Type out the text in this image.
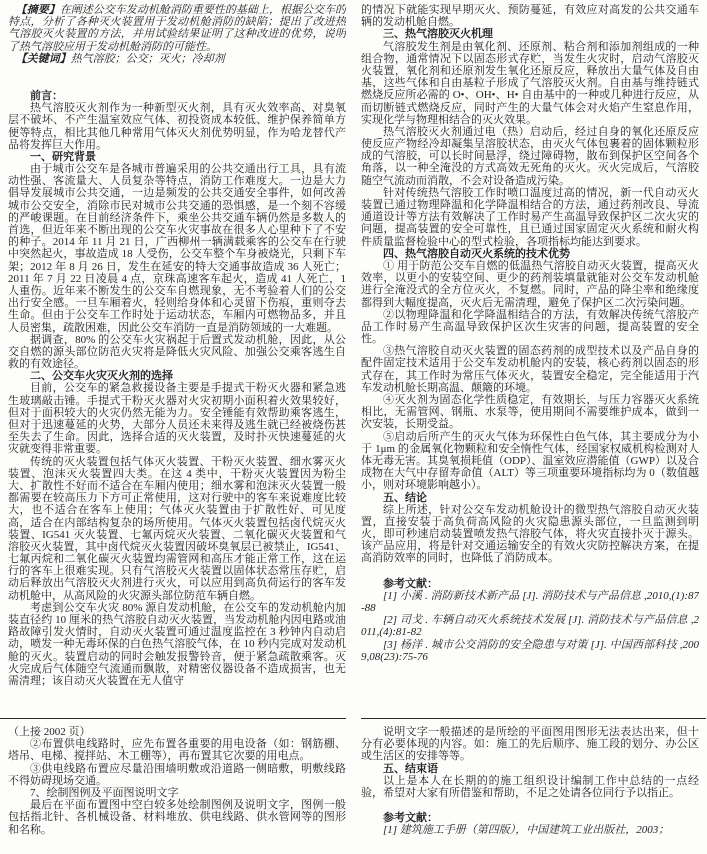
【摘要】在阐述公交车发动机舱消防重要性的基础上，根据公交车的特点，分析了各种灭火装置用于发动机舱消防的缺陷；提出了改进热气溶胶灭火装置的方法，并用试验结果证明了这种改进的优势，说明了热气溶胶应用于发动机舱消防的可能性。

【关键词】热气溶胶；公交；灭火；冷却剂

前言：

热气溶胶灭火剂作为一种新型灭火剂，具有灭火效率高、对臭氧层不破坏、不产生温室效应气体、初投资成本较低、维护保养简单方便等特点，相比其他几种常用气体灭火剂优势明显，作为哈龙替代产品将发挥巨大作用。

一、研究背景

由于城市公交车是各城市普遍采用的公共交通出行工具，具有流动性强、客流量大、人员复杂等特点，消防工作难度大。一边是大力倡导发展城市公共交通，一边是频发的公共交通安全事件，如何改善城市公交安全，消除市民对城市公共交通的恐惧感，是一个刻不容缓的严峻课题。在目前经济条件下，乘坐公共交通车辆仍然是多数人的首选，但近年来不断出现的公交车火灾事故在很多人心里种下了不安的种子。2014 年 11 月 21 日，广西柳州一辆满载乘客的公交车在行驶中突然起火，事故造成 18 人受伤，公交车整个车身被烧光，只剩下车架；2012 年 8 月 26 日，发生在延安的特大交通事故造成 36 人死亡；2011 年 7 月 22 日凌晨 4 点，京珠高速客车起火，造成 41 人死亡，1 人重伤。近年来不断发生的公交车自燃现象，无不考验着人们的公交出行安全感。一旦车厢着火，轻则给身体和心灵留下伤痕，重则夺去生命。但由于公交车工作时处于运动状态，车厢内可燃物品多，并且人员密集，疏散困难，因此公交车消防一直是消防领域的一大难题。

据调查，80% 的公交车火灾祸起于后置式发动机舱，因此，从公交自燃的源头部位防范火灾将是降低火灾风险、加强公交乘客逃生自救的有效途径。

二、公交车火灾灭火剂的选择

目前，公交车的紧急救援设备主要是手提式干粉灭火器和紧急逃生玻璃敲击锤。手提式干粉灭火器对火灾初期小面积着火效果较好，但对于面积较大的火灾仍然无能为力。安全锤能有效帮助乘客逃生，但对于迅速蔓延的火势，大部分人员还未来得及逃生就已经被烧伤甚至失去了生命。因此，选择合适的灭火装置，及时扑灭快速蔓延的火灾就变得非常重要。

传统的灭火装置包括气体灭火装置、干粉灭火装置、细水雾灭火装置、泡沫灭火装置四大类。在这 4 类中，干粉灭火装置因为粉尘大、扩散性不好而不适合在车厢内使用；细水雾和泡沫灭火装置一般都需要在较高压力下方可正常使用，这对行驶中的客车来说难度比较大，也不适合在客车上使用；气体灭火装置由于扩散性好、可见度高，适合在内部结构复杂的场所使用。气体灭火装置包括卤代烷灭火装置、IG541 灭火装置、七氟丙烷灭火装置、二氧化碳灭火装置和气溶胶灭火装置，其中卤代烷灭火装置因破坏臭氧层已被禁止，IG541、七氟丙烷和二氧化碳灭火装置均需管网和高压才能正常工作，这在运行的客车上很难实现。只有气溶胶灭火装置以固体状态常压存贮，启动后释放出气溶胶灭火剂进行灭火，可以应用到高负荷运行的客车发动机舱中，从高风险的火灾源头部位防范车辆自燃。

考虑到公交车火灾 80% 源自发动机舱，在公交车的发动机舱内加装直径约 10 厘米的热气溶胶自动灭火装置，当发动机舱内因电路或油路故障引发火情时，自动灭火装置可通过温度监控在 3 秒钟内自动启动，喷发一种无毒环保的白色热气溶胶气体，在 10 秒内完成对发动机舱的灭火。装置启动的同时会触发报警铃音，便于紧急疏散乘客。灭火完成后气体随空气流通而飘散，对精密仪器设备不造成损害，也无需清理；该自动灭火装置在无人值守

（上接 2002 页）

②布置供电线路时，应先布置各重要的用电设备（如：钢筋棚、塔吊、电梯、搅拌站、木工棚等），再布置其它次要的用电点。

③供电线路布置应尽量沿围墙明敷或沿道路一侧暗敷，明敷线路不得妨碍现场交通。

7、绘制图例及平面图说明文字

最后在平面布置图中空白较多处绘制图例及说明文字，图例一般包括指北针、各机械设备、材料堆放、供电线路、供水管网等的图形和名称。

的情况下就能实现早期灭火、预防蔓延，有效应对高发的公共交通车辆的发动机舱自燃。

三、热气溶胶灭火机理

气溶胶发生剂是由氧化剂、还原剂、粘合剂和添加剂组成的一种组合物，通常情况下以固态形式存贮，当发生火灾时，启动气溶胶灭火装置，氧化剂和还原剂发生氧化还原反应，释放出大量气体及自由基，这些气体和自由基粒子形成了气溶胶灭火剂。自由基与维持链式燃烧反应所必需的 O•、OH•、H• 自由基中的一种或几种进行反应，从而切断链式燃烧反应，同时产生的大量气体会对火焰产生窒息作用，实现化学与物理相结合的灭火效果。

热气溶胶灭火剂通过电（热）启动后，经过自身的氧化还原反应使反应产物经冷却凝集呈溶胶状态，由灭火气体包裹着的固体颗粒形成的气溶胶，可以长时间悬浮，绕过障碍物，散布到保护区空间各个角落，以一种全淹没的方式高效无死角的灭火。灭火完成后，气溶胶随空气流动而消散，不会对设备造成污染。

针对传统热气溶胶工作时喷口温度过高的情况，新一代自动灭火装置已通过物理降温和化学降温相结合的方法，通过药剂改良、导流通道设计等方法有效解决了工作时易产生高温导致保护区二次火灾的问题，提高装置的安全可靠性，且已通过国家固定灭火系统和耐火构件质量监督检验中心的型式检验，各项指标均能达到要求。

四、热气溶胶自动灭火系统的技术优势

① 用于防范公交车自燃的低温热气溶胶自动灭火装置，提高灭火效率，以更小的安装空间、更少的药剂装填量就能对公交车发动机舱进行全淹没式的全方位灭火，不复燃。同时，产品的降尘率和绝缘度都得到大幅度提高，灭火后无需清理，避免了保护区二次污染问题。

②以物理降温和化学降温相结合的方法，有效解决传统气溶胶产品工作时易产生高温导致保护区次生灾害的问题，提高装置的安全性。

③热气溶胶自动灭火装置的固态药剂的成型技术以及产品自身的配件固定技术适用于公交车发动机舱内的安装，核心药剂以固态的形式存在，其工作时为常压气体灭火，装置安全稳定，完全能适用于汽车发动机舱长期高温、颠簸的环境。

④灭火剂为固态化学性质稳定，有效期长，与压力容器灭火系统相比，无需管网、钢瓶、水泵等，使用期间不需要维护成本，做到一次安装，长期受益。

⑤启动后所产生的灭火气体为环保性白色气体，其主要成分为小于 1μm 的金属氧化物颗粒和安全惰性气体，经国家权威机构检测对人体无毒无害。其臭氧损耗值（ODP）、温室效应潜能值（GWP）以及合成物在大气中存留寿命值（ALT）等三项重要环境指标均为 0（数值越小，则对环境影响越小）。

五、结论

综上所述，针对公交车发动机舱设计的微型热气溶胶自动灭火装置，直接安装于高负荷高风险的火灾隐患源头部位，一旦监测到明火，即可秒速启动装置喷发热气溶胶气体，将火灾直接扑灭于源头。该产品应用，将是针对交通运输安全的有效火灾防控解决方案，在提高消防效率的同时，也降低了消防成本。

参考文献：

[1] 小溪 . 消防新技术新产品 [J]. 消防技术与产品信息 ,2010,(1):87-88

[2] 司戈 . 车辆自动灭火系统技术发展 [J]. 消防技术与产品信息 ,2011,(4):81-82

[3] 杨洋 . 城市公交消防的安全隐患与对策 [J]. 中国西部科技 ,2009,08(23):75-76

说明文字一般描述的是所绘的平面图用图形无法表达出来，但十分有必要体现的内容。如：施工的先后顺序、施工段的划分、办公区或生活区的安排等等。

五、结束语

以上是本人在长期的的施工组织设计编制工作中总结的一点经验，希望对大家有所借鉴和帮助，不足之处请各位同行予以指正。

参考文献：

[1] 建筑施工手册（第四版），中国建筑工业出版社，2003；
